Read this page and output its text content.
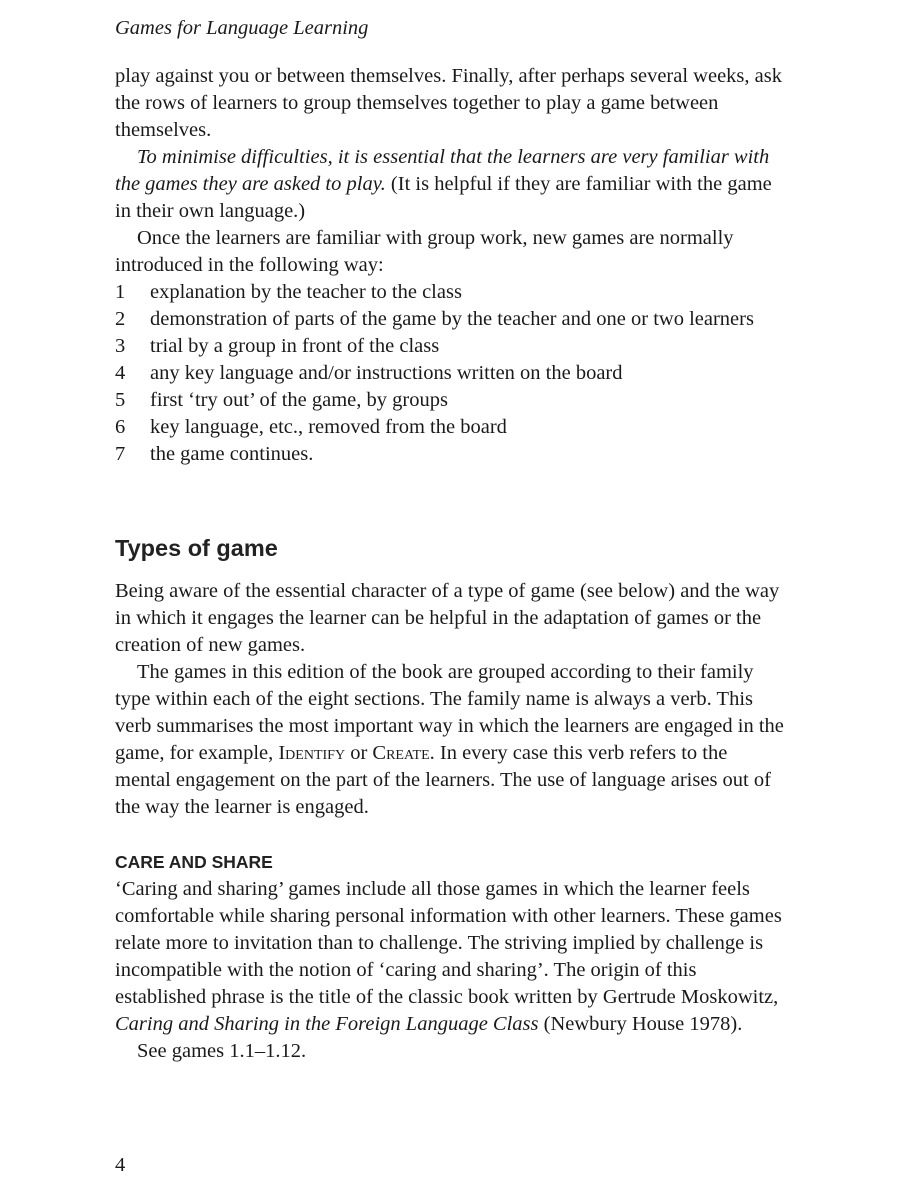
Games for Language Learning

play against you or between themselves. Finally, after perhaps several weeks, ask the rows of learners to group themselves together to play a game between themselves.

To minimise difficulties, it is essential that the learners are very familiar with the games they are asked to play. (It is helpful if they are familiar with the game in their own language.)

Once the learners are familiar with group work, new games are normally introduced in the following way:

1	explanation by the teacher to the class
2	demonstration of parts of the game by the teacher and one or two learners
3	trial by a group in front of the class
4	any key language and/or instructions written on the board
5	first ‘try out’ of the game, by groups
6	key language, etc., removed from the board
7	the game continues.
Types of game

Being aware of the essential character of a type of game (see below) and the way in which it engages the learner can be helpful in the adaptation of games or the creation of new games.

The games in this edition of the book are grouped according to their family type within each of the eight sections. The family name is always a verb. This verb summarises the most important way in which the learners are engaged in the game, for example, Identify or Create. In every case this verb refers to the mental engagement on the part of the learners. The use of language arises out of the way the learner is engaged.

CARE AND SHARE

‘Caring and sharing’ games include all those games in which the learner feels comfortable while sharing personal information with other learners. These games relate more to invitation than to challenge. The striving implied by challenge is incompatible with the notion of ‘caring and sharing’. The origin of this established phrase is the title of the classic book written by Gertrude Moskowitz, Caring and Sharing in the Foreign Language Class (Newbury House 1978).

See games 1.1–1.12.

4
